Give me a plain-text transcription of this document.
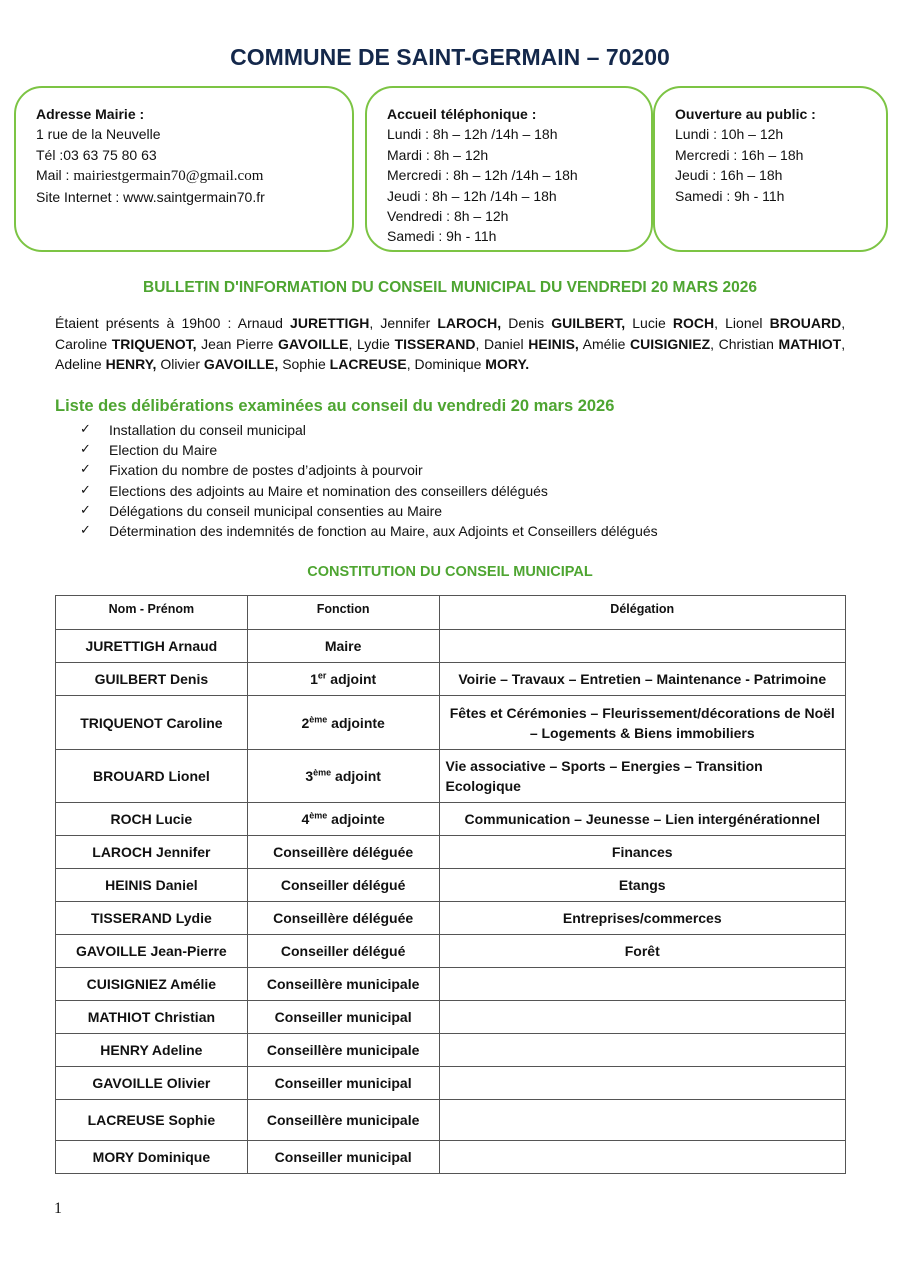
COMMUNE DE SAINT-GERMAIN – 70200
Adresse Mairie :
1 rue de la Neuvelle
Tél :03 63 75 80 63
Mail : mairiestgermain70@gmail.com
Site Internet : www.saintgermain70.fr
Accueil téléphonique :
Lundi : 8h – 12h /14h – 18h
Mardi : 8h – 12h
Mercredi : 8h – 12h /14h – 18h
Jeudi : 8h – 12h /14h – 18h
Vendredi : 8h – 12h
Samedi : 9h - 11h
Ouverture au public :
Lundi : 10h – 12h
Mercredi : 16h – 18h
Jeudi : 16h – 18h
Samedi : 9h - 11h
BULLETIN D'INFORMATION DU CONSEIL MUNICIPAL DU VENDREDI 20 MARS 2026
Étaient présents à 19h00 : Arnaud JURETTIGH, Jennifer LAROCH, Denis GUILBERT, Lucie ROCH, Lionel BROUARD, Caroline TRIQUENOT, Jean Pierre GAVOILLE, Lydie TISSERAND, Daniel HEINIS, Amélie CUISIGNIEZ, Christian MATHIOT, Adeline HENRY, Olivier GAVOILLE, Sophie LACREUSE, Dominique MORY.
Liste des délibérations examinées au conseil du vendredi 20 mars 2026
✓	Installation du conseil municipal
✓	Election du Maire
✓	Fixation du nombre de postes d’adjoints à pourvoir
✓	Elections des adjoints au Maire et nomination des conseillers délégués
✓	Délégations du conseil municipal consenties au Maire
✓	Détermination des indemnités de fonction au Maire, aux Adjoints et Conseillers délégués
CONSTITUTION DU CONSEIL MUNICIPAL
Nom - Prénom	Fonction	Délégation
JURETTIGH Arnaud	Maire	
GUILBERT Denis	1er adjoint	Voirie – Travaux – Entretien – Maintenance - Patrimoine
TRIQUENOT Caroline	2ème adjointe	Fêtes et Cérémonies – Fleurissement/décorations de Noël – Logements & Biens immobiliers
BROUARD Lionel	3ème adjoint	Vie associative – Sports – Energies – Transition Ecologique
ROCH Lucie	4ème adjointe	Communication – Jeunesse – Lien intergénérationnel
LAROCH Jennifer	Conseillère déléguée	Finances
HEINIS Daniel	Conseiller délégué	Etangs
TISSERAND Lydie	Conseillère déléguée	Entreprises/commerces
GAVOILLE Jean-Pierre	Conseiller délégué	Forêt
CUISIGNIEZ Amélie	Conseillère municipale	
MATHIOT Christian	Conseiller municipal	
HENRY Adeline	Conseillère municipale	
GAVOILLE Olivier	Conseiller municipal	
LACREUSE Sophie	Conseillère municipale	
MORY Dominique	Conseiller municipal	
1
